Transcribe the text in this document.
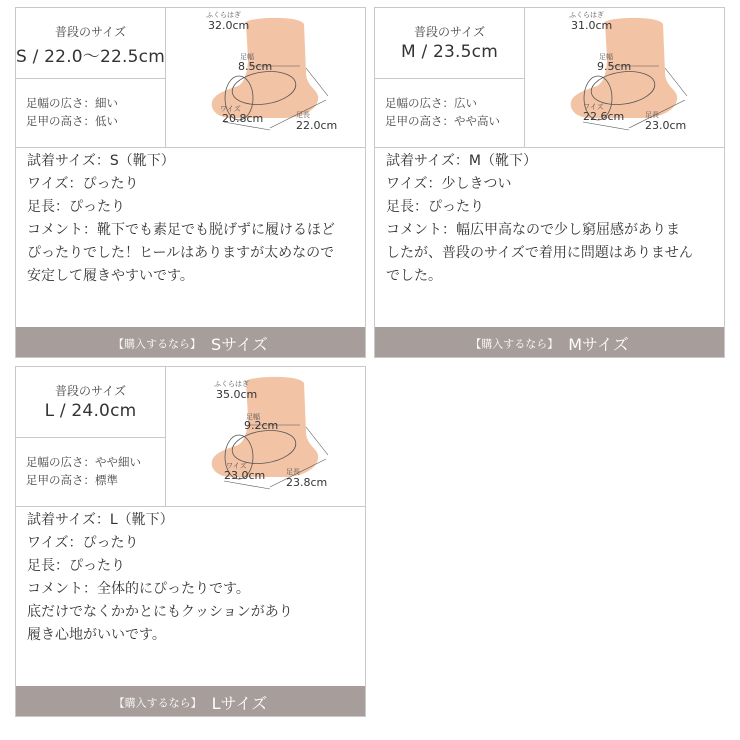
普段のサイズ
S / 22.0〜22.5cm
足幅の広さ：細い
足甲の高さ：低い
ふくらはぎ
32.0cm
足幅
8.5cm
ワイズ
20.8cm	足長
22.0cm
試着サイズ：S（靴下）
ワイズ：ぴったり
足長：ぴったり
コメント：靴下でも素足でも脱げずに履けるほど
ぴったりでした！ヒールはありますが太めなので
安定して履きやすいです。
【購入するなら】 Sサイズ
普段のサイズ
M / 23.5cm
足幅の広さ：広い
足甲の高さ：やや高い
ふくらはぎ
31.0cm
足幅
9.5cm
ワイズ
22.6cm	足長
23.0cm
試着サイズ：M（靴下）
ワイズ：少しきつい
足長：ぴったり
コメント：幅広甲高なので少し窮屈感がありま
したが、普段のサイズで着用に問題はありません
でした。
【購入するなら】 Mサイズ
普段のサイズ
L / 24.0cm
足幅の広さ：やや細い
足甲の高さ：標準
ふくらはぎ
35.0cm
足幅
9.2cm
ワイズ
23.0cm	足長
23.8cm
試着サイズ：L（靴下）
ワイズ：ぴったり
足長：ぴったり
コメント：全体的にぴったりです。
底だけでなくかかとにもクッションがあり
履き心地がいいです。
【購入するなら】 Lサイズ
